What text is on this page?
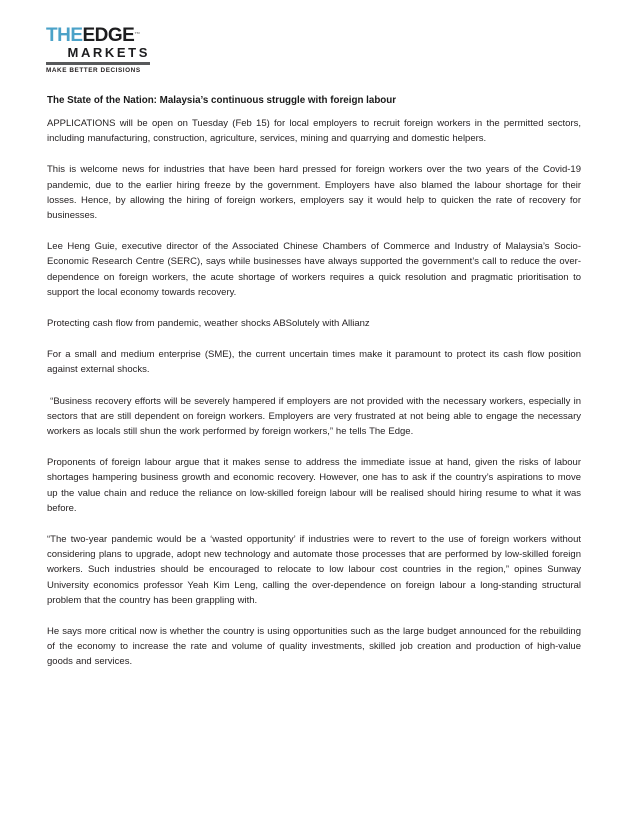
THEEDGE™
MARKETS
MAKE BETTER DECISIONS
The State of the Nation: Malaysia’s continuous struggle with foreign labour

APPLICATIONS will be open on Tuesday (Feb 15) for local employers to recruit foreign workers in the permitted sectors, including manufacturing, construction, agriculture, services, mining and quarrying and domestic helpers.

This is welcome news for industries that have been hard pressed for foreign workers over the two years of the Covid-19 pandemic, due to the earlier hiring freeze by the government. Employers have also blamed the labour shortage for their losses. Hence, by allowing the hiring of foreign workers, employers say it would help to quicken the rate of recovery for businesses.

Lee Heng Guie, executive director of the Associated Chinese Chambers of Commerce and Industry of Malaysia’s Socio-Economic Research Centre (SERC), says while businesses have always supported the government’s call to reduce the over-dependence on foreign workers, the acute shortage of workers requires a quick resolution and pragmatic prioritisation to support the local economy towards recovery.

Protecting cash flow from pandemic, weather shocks ABSolutely with Allianz

For a small and medium enterprise (SME), the current uncertain times make it paramount to protect its cash flow position against external shocks.

“Business recovery efforts will be severely hampered if employers are not provided with the necessary workers, especially in sectors that are still dependent on foreign workers. Employers are very frustrated at not being able to engage the necessary workers as locals still shun the work performed by foreign workers,” he tells The Edge.

Proponents of foreign labour argue that it makes sense to address the immediate issue at hand, given the risks of labour shortages hampering business growth and economic recovery. However, one has to ask if the country’s aspirations to move up the value chain and reduce the reliance on low-skilled foreign labour will be realised should hiring resume to what it was before.

“The two-year pandemic would be a ‘wasted opportunity’ if industries were to revert to the use of foreign workers without considering plans to upgrade, adopt new technology and automate those processes that are performed by low-skilled foreign workers. Such industries should be encouraged to relocate to low labour cost countries in the region,” opines Sunway University economics professor Yeah Kim Leng, calling the over-dependence on foreign labour a long-standing structural problem that the country has been grappling with.

He says more critical now is whether the country is using opportunities such as the large budget announced for the rebuilding of the economy to increase the rate and volume of quality investments, skilled job creation and production of high-value goods and services.
